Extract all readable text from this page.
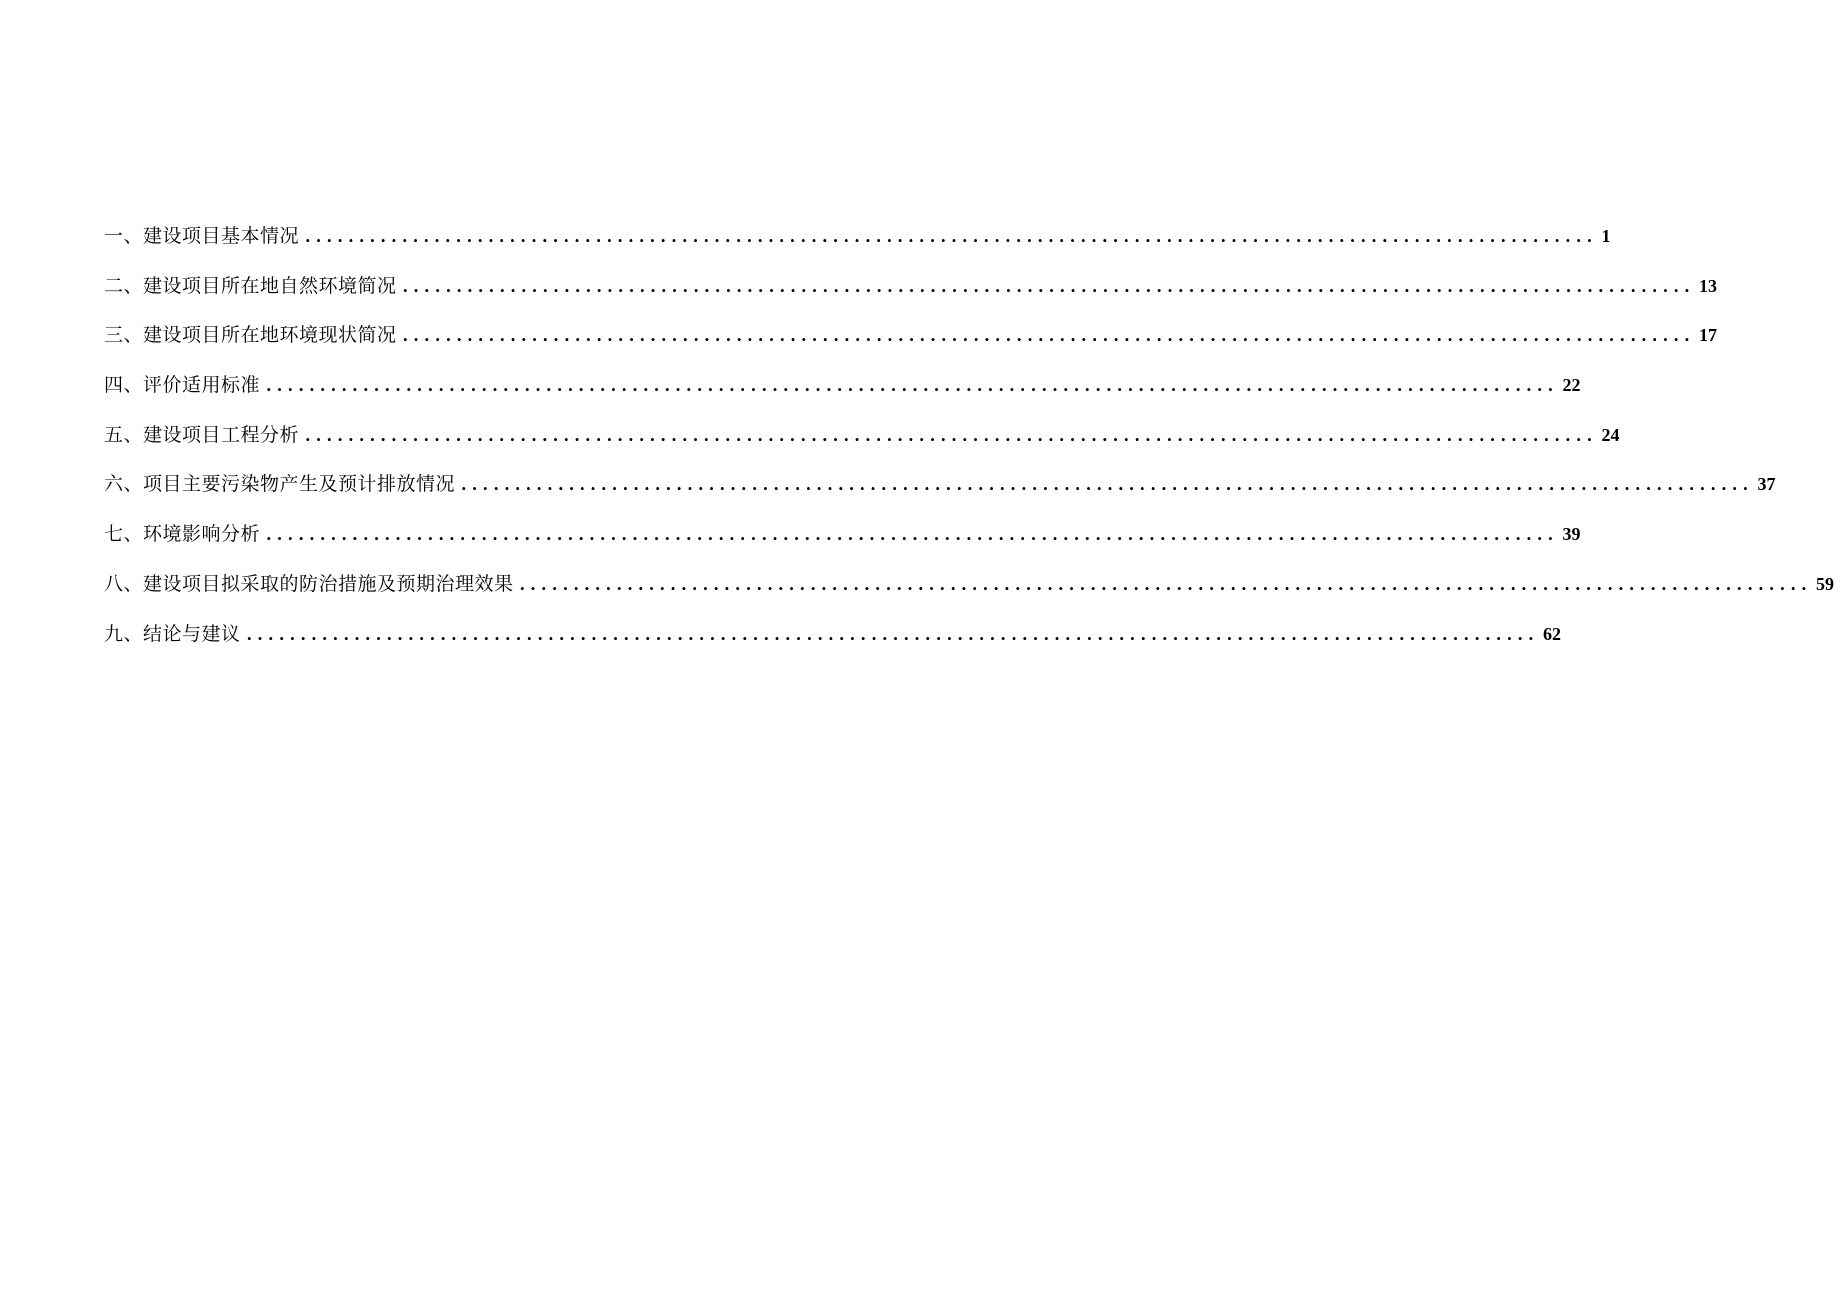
一、建设项目基本情况 ........................................................................................................................ 1
二、建设项目所在地自然环境简况 ........................................................................................................................ 13
三、建设项目所在地环境现状简况 ........................................................................................................................ 17
四、评价适用标准 ........................................................................................................................ 22
五、建设项目工程分析 ........................................................................................................................ 24
六、项目主要污染物产生及预计排放情况 ........................................................................................................................ 37
七、环境影响分析 ........................................................................................................................ 39
八、建设项目拟采取的防治措施及预期治理效果 ........................................................................................................................ 59
九、结论与建议 ........................................................................................................................ 62
